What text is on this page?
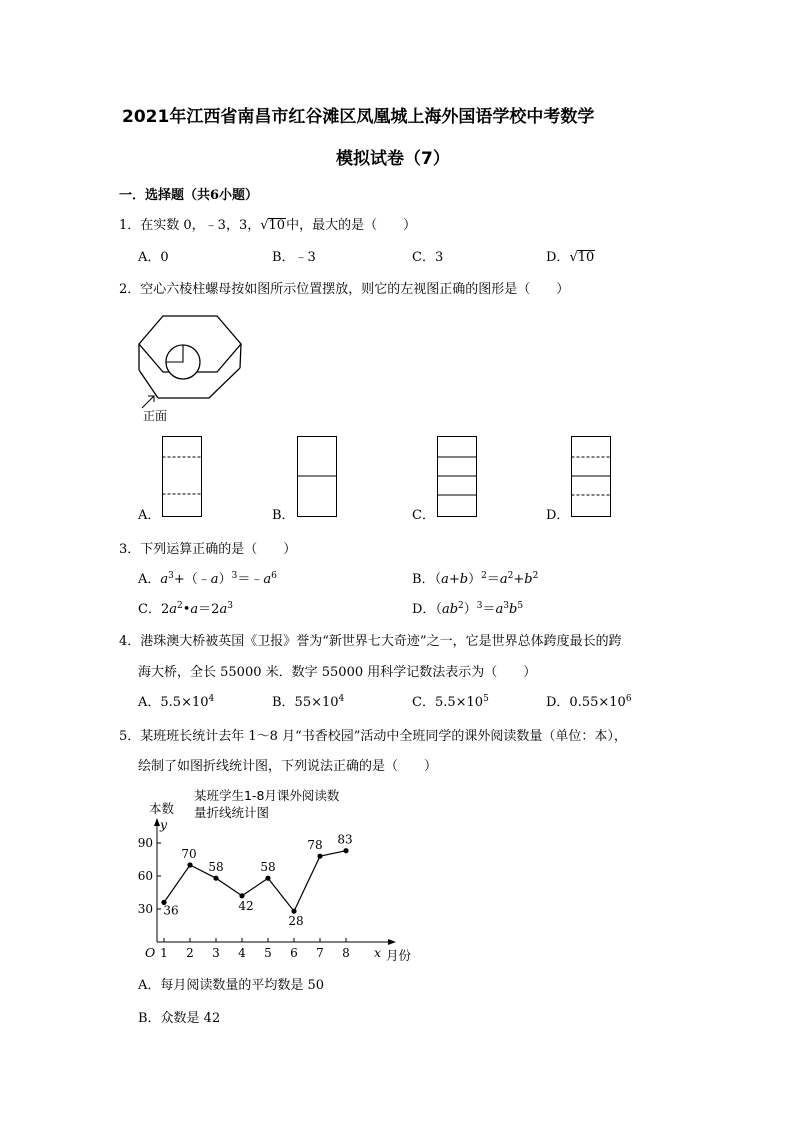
2021年江西省南昌市红谷滩区凤凰城上海外国语学校中考数学
模拟试卷（7）
一．选择题（共6小题）
1．在实数 0，﹣3，3，√10中，最大的是（　　）
A．0	B．﹣3	C．3	D．√10
2．空心六棱柱螺母按如图所示位置摆放，则它的左视图正确的图形是（　　）
正面
A．	B．	C．	D．
3．下列运算正确的是（　　）
A．$a^3+(﹣a)^3=﹣a^6$	B．$(a+b)^2=a^2+b^2$
C．$2a^2•a=2a^3$	D．$(ab^2)^3=a^3b^5$
4．港珠澳大桥被英国《卫报》誉为“新世界七大奇迹”之一，它是世界总体跨度最长的跨
海大桥，全长 55000 米．数字 55000 用科学记数法表示为（　　）
A．$5.5\times 10^4$	B．$55\times 10^4$	C．$5.5\times 10^5$	D．$0.55\times 10^6$
5．某班班长统计去年 1～8 月“书香校园”活动中全班同学的课外阅读数量（单位：本），
绘制了如图折线统计图，下列说法正确的是（　　）
某班学生1-8月课外阅读数
量折线统计图
本数
y
x 月份
O
30
60
90
1 2 3 4 5 6 7 8
36
70
58
42
58
28
78 83
A．每月阅读数量的平均数是 50
B．众数是 42
